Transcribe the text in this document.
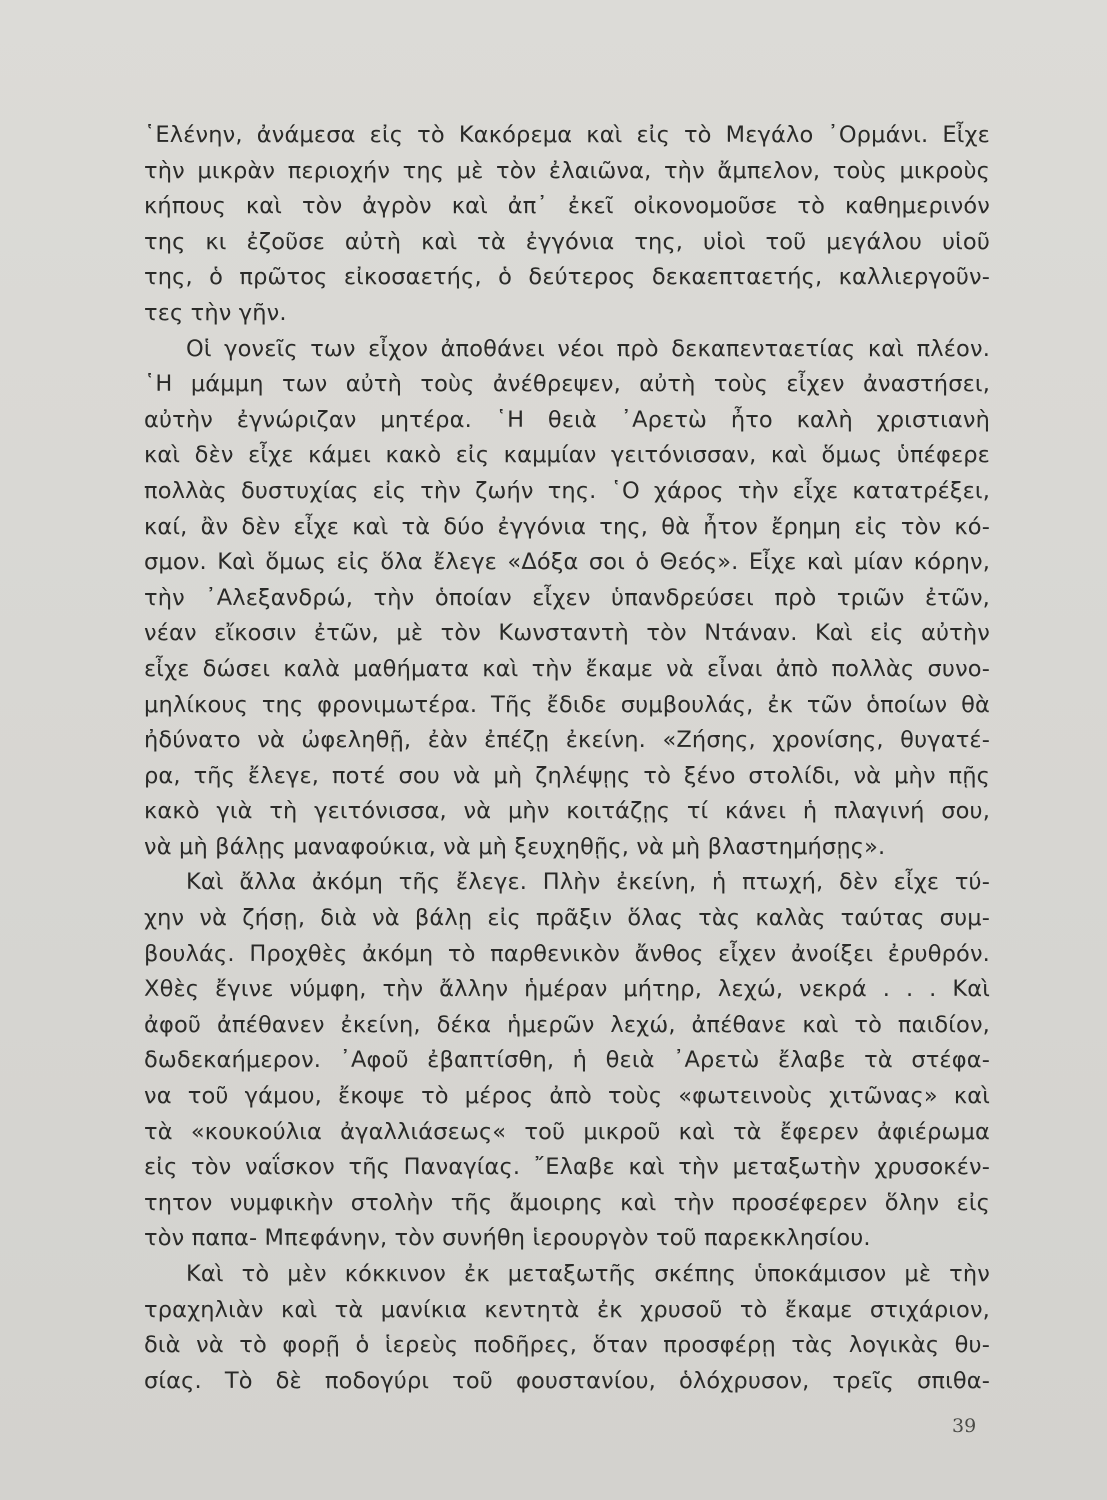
῾Ελένην, ἀνάμεσα εἰς τὸ Κακόρεμα καὶ εἰς τὸ Μεγάλο ᾿Ορμάνι. Εἶχε
τὴν μικρὰν περιοχήν της μὲ τὸν ἐλαιῶνα, τὴν ἄμπελον, τοὺς μικροὺς
κήπους καὶ τὸν ἀγρὸν καὶ ἀπ᾿ ἐκεῖ οἰκονομοῦσε τὸ καθημερινόν
της κι ἐζοῦσε αὐτὴ καὶ τὰ ἐγγόνια της, υἱοὶ τοῦ μεγάλου υἱοῦ
της, ὁ πρῶτος εἰκοσαετής, ὁ δεύτερος δεκαεπταετής, καλλιεργοῦν-
τες τὴν γῆν.
Οἱ γονεῖς των εἶχον ἀποθάνει νέοι πρὸ δεκαπενταετίας καὶ πλέον.
῾Η μάμμη των αὐτὴ τοὺς ἀνέθρεψεν, αὐτὴ τοὺς εἶχεν ἀναστήσει,
αὐτὴν ἐγνώριζαν μητέρα. ῾Η θειὰ ᾿Αρετὼ ἦτο καλὴ χριστιανὴ
καὶ δὲν εἶχε κάμει κακὸ εἰς καμμίαν γειτόνισσαν, καὶ ὅμως ὑπέφερε
πολλὰς δυστυχίας εἰς τὴν ζωήν της. ῾Ο χάρος τὴν εἶχε κατατρέξει,
καί, ἂν δὲν εἶχε καὶ τὰ δύο ἐγγόνια της, θὰ ἦτον ἔρημη εἰς τὸν κό-
σμον. Καὶ ὅμως εἰς ὅλα ἔλεγε «Δόξα σοι ὁ Θεός». Εἶχε καὶ μίαν κόρην,
τὴν ᾿Αλεξανδρώ, τὴν ὁποίαν εἶχεν ὑπανδρεύσει πρὸ τριῶν ἐτῶν,
νέαν εἴκοσιν ἐτῶν, μὲ τὸν Κωνσταντὴ τὸν Ντάναν. Καὶ εἰς αὐτὴν
εἶχε δώσει καλὰ μαθήματα καὶ τὴν ἔκαμε νὰ εἶναι ἀπὸ πολλὰς συνο-
μηλίκους της φρονιμωτέρα. Τῆς ἔδιδε συμβουλάς, ἐκ τῶν ὁποίων θὰ
ἠδύνατο νὰ ὠφεληθῇ, ἐὰν ἐπέζῃ ἐκείνη. «Ζήσης, χρονίσης, θυγατέ-
ρα, τῆς ἔλεγε, ποτέ σου νὰ μὴ ζηλέψῃς τὸ ξένο στολίδι, νὰ μὴν πῇς
κακὸ γιὰ τὴ γειτόνισσα, νὰ μὴν κοιτάζῃς τί κάνει ἡ πλαγινή σου,
νὰ μὴ βάλῃς μαναφούκια, νὰ μὴ ξευχηθῇς, νὰ μὴ βλαστημήσῃς».
Καὶ ἄλλα ἀκόμη τῆς ἔλεγε. Πλὴν ἐκείνη, ἡ πτωχή, δὲν εἶχε τύ-
χην νὰ ζήσῃ, διὰ νὰ βάλῃ εἰς πρᾶξιν ὅλας τὰς καλὰς ταύτας συμ-
βουλάς. Προχθὲς ἀκόμη τὸ παρθενικὸν ἄνθος εἶχεν ἀνοίξει ἐρυθρόν.
Χθὲς ἔγινε νύμφη, τὴν ἄλλην ἡμέραν μήτηρ, λεχώ, νεκρά . . . Καὶ
ἀφοῦ ἀπέθανεν ἐκείνη, δέκα ἡμερῶν λεχώ, ἀπέθανε καὶ τὸ παιδίον,
δωδεκαήμερον. ᾿Αφοῦ ἐβαπτίσθη, ἡ θειὰ ᾿Αρετὼ ἔλαβε τὰ στέφα-
να τοῦ γάμου, ἔκοψε τὸ μέρος ἀπὸ τοὺς «φωτεινοὺς χιτῶνας» καὶ
τὰ «κουκούλια ἀγαλλιάσεως« τοῦ μικροῦ καὶ τὰ ἔφερεν ἀφιέρωμα
εἰς τὸν ναΐσκον τῆς Παναγίας. ῎Ελαβε καὶ τὴν μεταξωτὴν χρυσοκέν-
τητον νυμφικὴν στολὴν τῆς ἄμοιρης καὶ τὴν προσέφερεν ὅλην εἰς
τὸν παπα- Μπεφάνην, τὸν συνήθη ἱερουργὸν τοῦ παρεκκλησίου.
Καὶ τὸ μὲν κόκκινον ἐκ μεταξωτῆς σκέπης ὑποκάμισον μὲ τὴν
τραχηλιὰν καὶ τὰ μανίκια κεντητὰ ἐκ χρυσοῦ τὸ ἔκαμε στιχάριον,
διὰ νὰ τὸ φορῇ ὁ ἱερεὺς ποδῆρες, ὅταν προσφέρῃ τὰς λογικὰς θυ-
σίας. Τὸ δὲ ποδογύρι τοῦ φουστανίου, ὁλόχρυσον, τρεῖς σπιθα-
39
